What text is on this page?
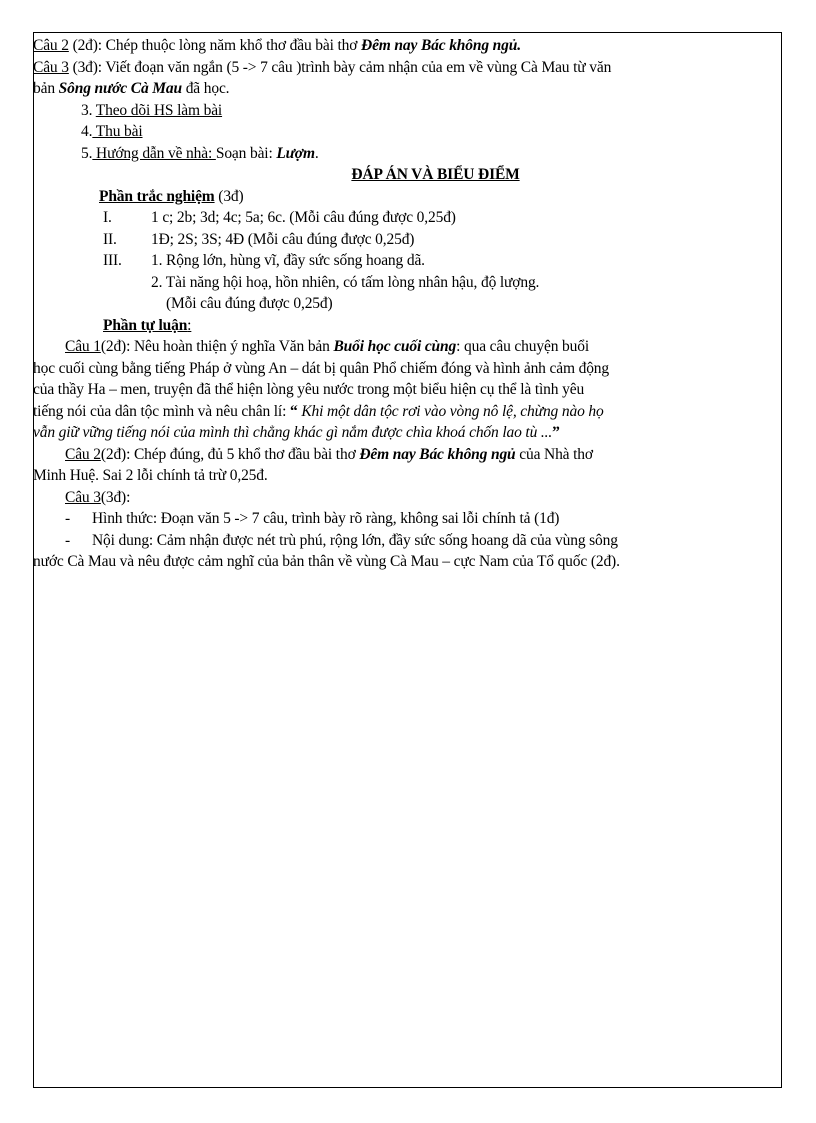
Câu 2 (2đ): Chép thuộc lòng năm khổ thơ đầu bài thơ Đêm nay Bác không ngủ.

Câu 3 (3đ): Viết đoạn văn ngắn (5 -> 7 câu )trình bày cảm nhận của em về vùng Cà Mau từ văn

bản Sông nước Cà Mau đã học.

3. Theo dõi HS làm bài

4. Thu bài

5. Hướng dẫn về nhà: Soạn bài: Lượm.

ĐÁP ÁN VÀ BIỂU ĐIỂM

Phần trắc nghiệm (3đ)

I.	1 c; 2b; 3d; 4c; 5a; 6c. (Mỗi câu đúng được 0,25đ)

II. 1Đ; 2S; 3S; 4Đ (Mỗi câu đúng được 0,25đ)

III. 1. Rộng lớn, hùng vĩ, đầy sức sống hoang dã.

2. Tài năng hội hoạ, hồn nhiên, có tấm lòng nhân hậu, độ lượng.

(Mỗi câu đúng được 0,25đ)

Phần tự luận:

Câu 1(2đ): Nêu hoàn thiện ý nghĩa Văn bản Buổi học cuối cùng: qua câu chuyện buổi

học cuối cùng bằng tiếng Pháp ở vùng An – dát bị quân Phổ chiếm đóng và hình ảnh cảm động

của thầy Ha – men, truyện đã thể hiện lòng yêu nước trong một biểu hiện cụ thể là tình yêu

tiếng nói của dân tộc mình và nêu chân lí: “ Khi một dân tộc rơi vào vòng nô lệ, chừng nào họ

vẫn giữ vững tiếng nói của mình thì chẳng khác gì nắm được chìa khoá chốn lao tù ...”

Câu 2(2đ): Chép đúng, đủ 5 khổ thơ đầu bài thơ Đêm nay Bác không ngủ của Nhà thơ

Minh Huệ. Sai 2 lỗi chính tả trừ 0,25đ.

Câu 3(3đ):

- Hình thức: Đoạn văn 5 -> 7 câu, trình bày rõ ràng, không sai lỗi chính tả (1đ)

- Nội dung: Cảm nhận được nét trù phú, rộng lớn, đầy sức sống hoang dã của vùng sông

nước Cà Mau và nêu được cảm nghĩ của bản thân về vùng Cà Mau – cực Nam của Tổ quốc (2đ).
